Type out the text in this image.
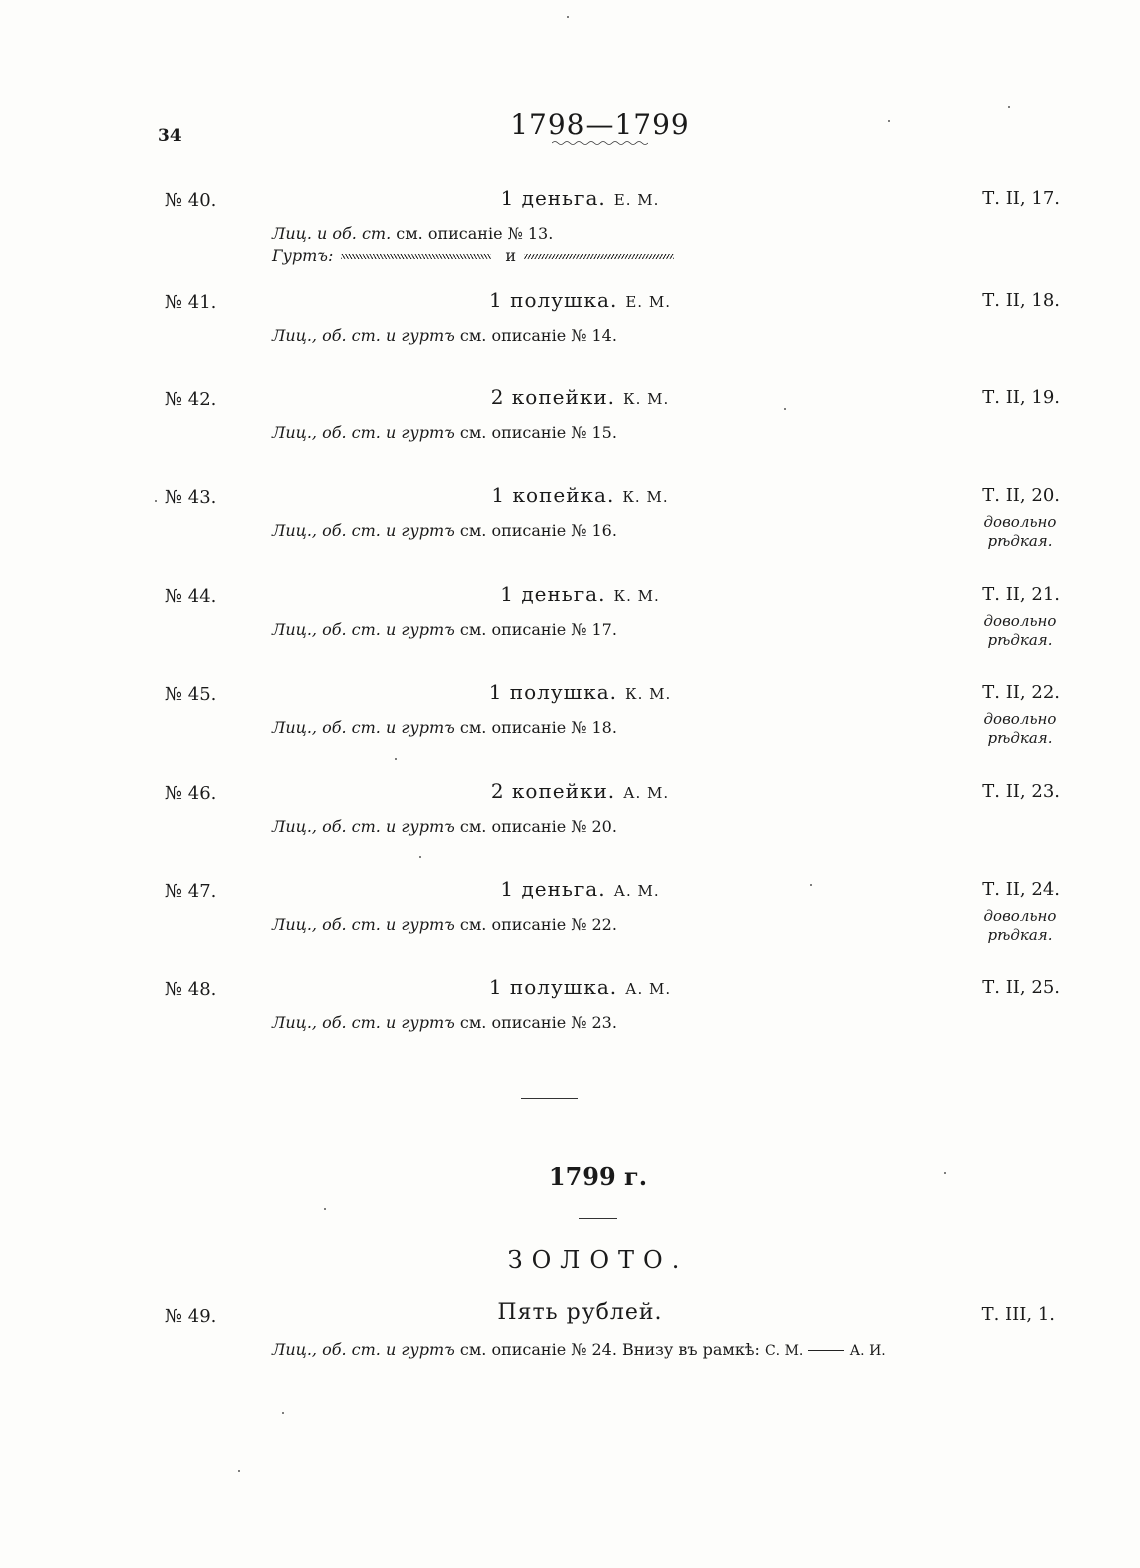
34	1798—1799
№ 40.	1 деньга. Е. М.	Т. II, 17.
Лиц. и об. ст. см. описаніе № 13.
Гуртъ:	и
№ 41.	1 полушка. Е. М.	Т. II, 18.
Лиц., об. ст. и гуртъ см. описаніе № 14.
№ 42.	2 копейки. К. М.	Т. II, 19.
Лиц., об. ст. и гуртъ см. описаніе № 15.
№ 43.	1 копейка. К. М.	Т. II, 20.
довольно
рѣдкая.
Лиц., об. ст. и гуртъ см. описаніе № 16.
№ 44.	1 деньга. К. М.	Т. II, 21.
довольно
рѣдкая.
Лиц., об. ст. и гуртъ см. описаніе № 17.
№ 45.	1 полушка. К. М.	Т. II, 22.
довольно
рѣдкая.
Лиц., об. ст. и гуртъ см. описаніе № 18.
№ 46.	2 копейки. А. М.	Т. II, 23.
Лиц., об. ст. и гуртъ см. описаніе № 20.
№ 47.	1 деньга. А. М.	Т. II, 24.
довольно
рѣдкая.
Лиц., об. ст. и гуртъ см. описаніе № 22.
№ 48.	1 полушка. А. М.	Т. II, 25.
Лиц., об. ст. и гуртъ см. описаніе № 23.
1799 г.
ЗОЛОТО.
№ 49.	Пять рублей.	Т. III, 1.
Лиц., об. ст. и гуртъ см. описаніе № 24. Внизу въ рамкѣ: С. М.	А. И.
